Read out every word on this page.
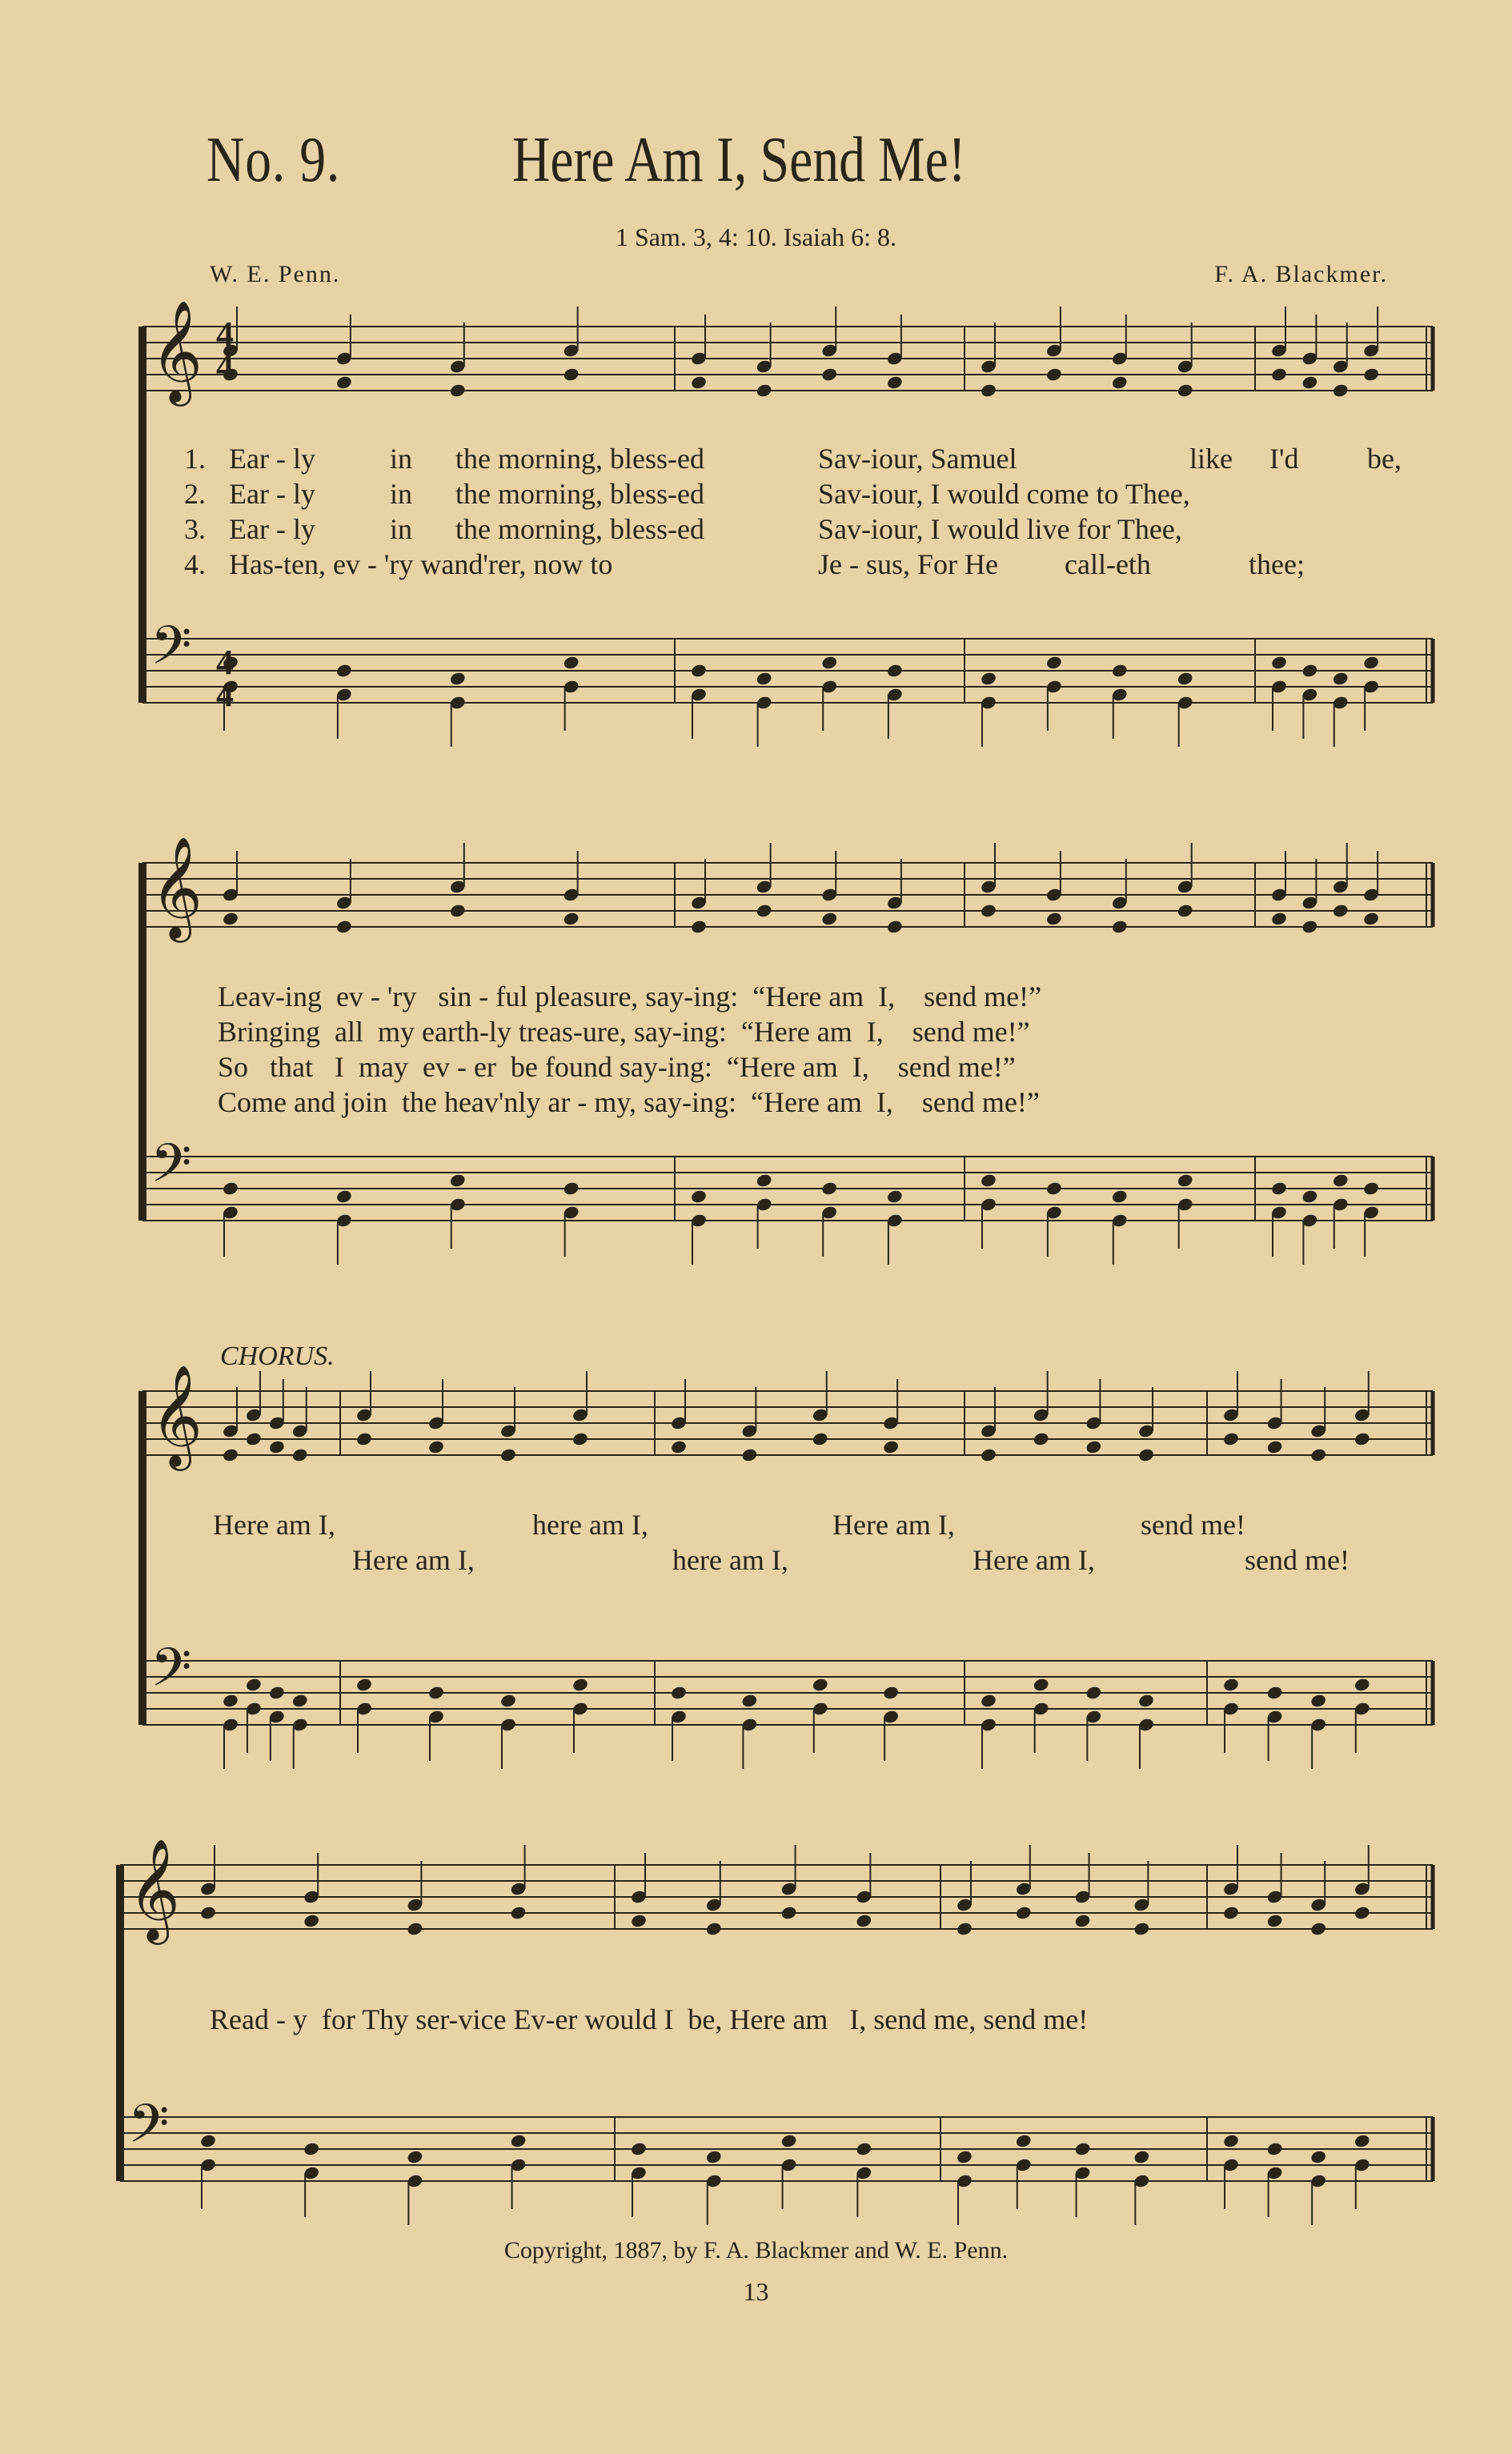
No. 9.	Here Am I, Send Me!
1 Sam. 3, 4: 10. Isaiah 6: 8.
W. E. Penn.	F. A. Blackmer.
𝄞
𝄢
𝄞
𝄢
𝄞
𝄢
𝄞
𝄢
4
4
4
4
1. Ear - ly	in the morning, bless-ed	Sav-iour, Samuel	like I'd be,
2. Ear - ly	in the morning, bless-ed	Sav-iour, I would come to Thee,
3. Ear - ly	in the morning, bless-ed	Sav-iour, I would live for Thee,
4. Has-ten, ev - 'ry wand'rer, now to	Je - sus, For He call-eth	thee;
Leav-ing  ev - 'ry   sin - ful pleasure, say-ing:  “Here am  I,    send me!”
Bringing  all  my earth-ly treas-ure, say-ing:  “Here am  I,    send me!”
So   that   I  may  ev - er  be found say-ing:  “Here am  I,    send me!”
Come and join  the heav'nly ar - my, say-ing:  “Here am  I,    send me!”
CHORUS.
Here am I,	here am I,	Here am I,	send me!
Here am I,	here am I,	Here am I,	send me!
Read - y  for Thy ser-vice Ev-er would I  be, Here am   I, send me, send me!
Copyright, 1887, by F. A. Blackmer and W. E. Penn.
13
